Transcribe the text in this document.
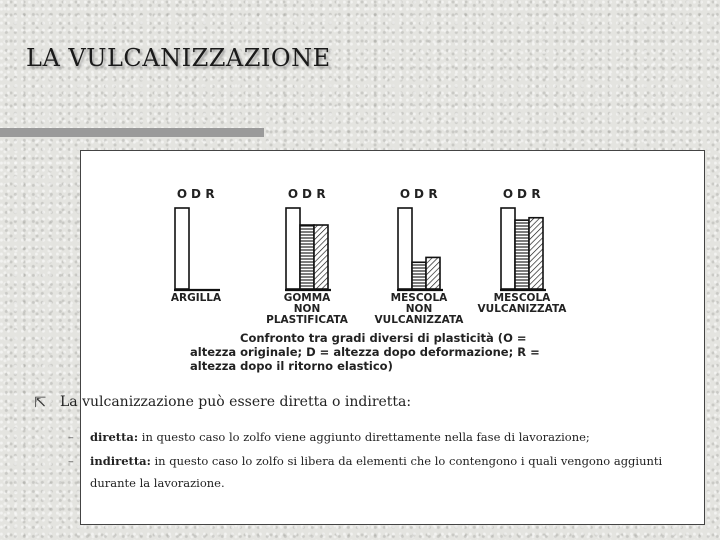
LA VULCANIZZAZIONE
O D R
ARGILLA
O D R
GOMMA
NON
PLASTIFICATA
O D R
MESCOLA
NON
VULCANIZZATA
O D R
MESCOLA
VULCANIZZATA
Confronto tra gradi diversi di plasticità (O = altezza originale; D = altezza dopo deformazione; R = altezza dopo il ritorno elastico)
⇱ La vulcanizzazione può essere diretta o indiretta:
– diretta: in questo caso lo zolfo viene aggiunto direttamente nella fase di lavorazione;
– indiretta: in questo caso lo zolfo si libera da elementi che lo contengono i quali vengono aggiunti durante la lavorazione.
